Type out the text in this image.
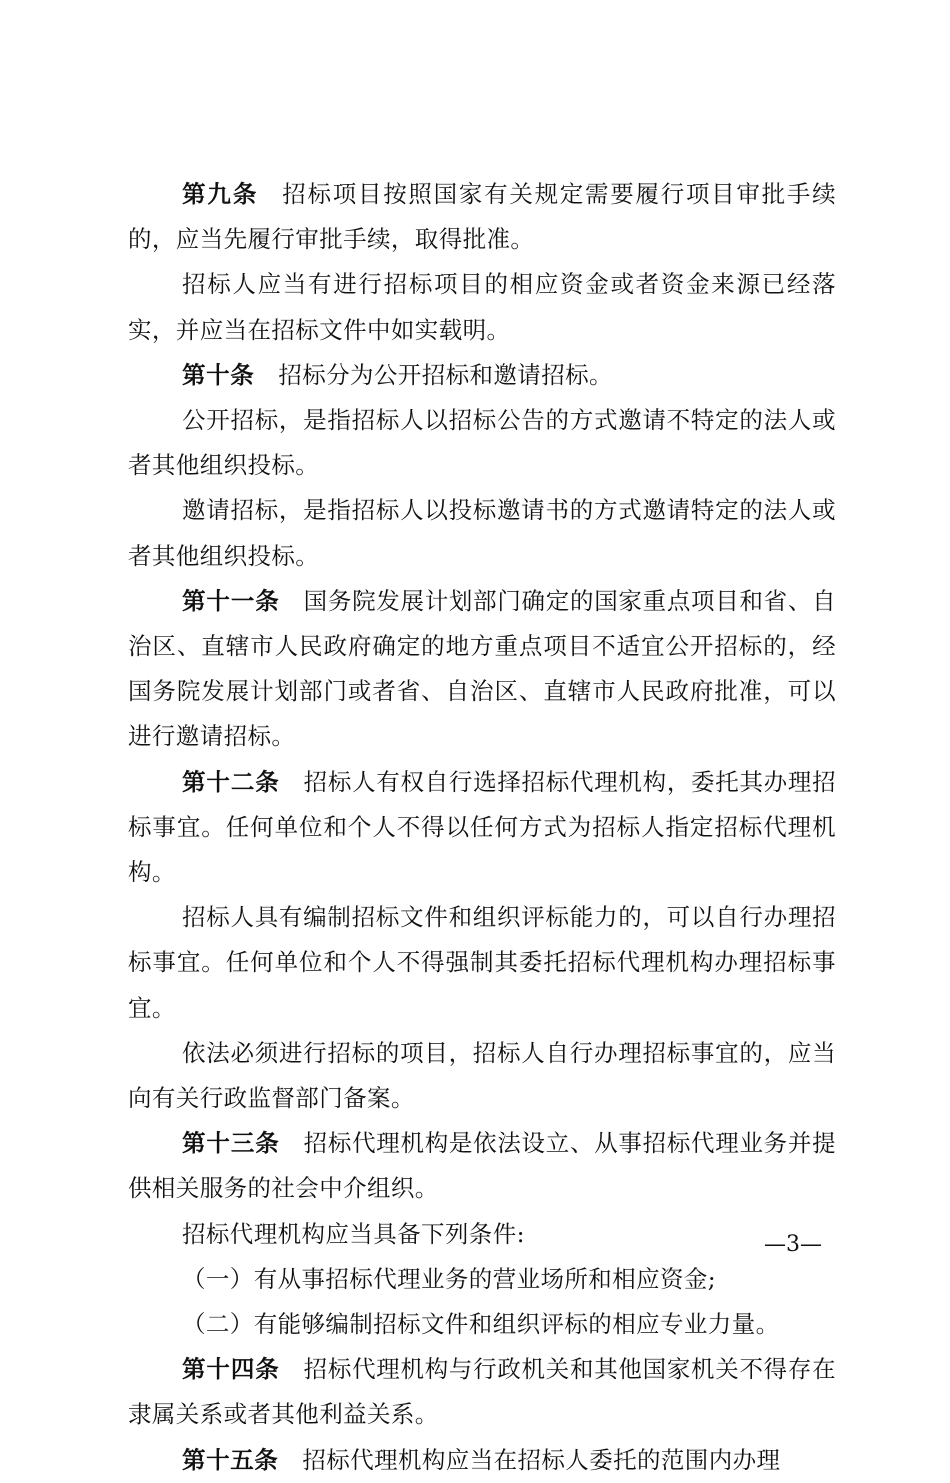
第九条 招标项目按照国家有关规定需要履行项目审批手续的，应当先履行审批手续，取得批准。

招标人应当有进行招标项目的相应资金或者资金来源已经落实，并应当在招标文件中如实载明。

第十条 招标分为公开招标和邀请招标。

公开招标，是指招标人以招标公告的方式邀请不特定的法人或者其他组织投标。

邀请招标，是指招标人以投标邀请书的方式邀请特定的法人或者其他组织投标。

第十一条 国务院发展计划部门确定的国家重点项目和省、自治区、直辖市人民政府确定的地方重点项目不适宜公开招标的，经国务院发展计划部门或者省、自治区、直辖市人民政府批准，可以进行邀请招标。

第十二条 招标人有权自行选择招标代理机构，委托其办理招标事宜。任何单位和个人不得以任何方式为招标人指定招标代理机构。

招标人具有编制招标文件和组织评标能力的，可以自行办理招标事宜。任何单位和个人不得强制其委托招标代理机构办理招标事宜。

依法必须进行招标的项目，招标人自行办理招标事宜的，应当向有关行政监督部门备案。

第十三条 招标代理机构是依法设立、从事招标代理业务并提供相关服务的社会中介组织。

招标代理机构应当具备下列条件:

（一）有从事招标代理业务的营业场所和相应资金;

（二）有能够编制招标文件和组织评标的相应专业力量。

第十四条 招标代理机构与行政机关和其他国家机关不得存在隶属关系或者其他利益关系。

第十五条 招标代理机构应当在招标人委托的范围内办理

—3—
